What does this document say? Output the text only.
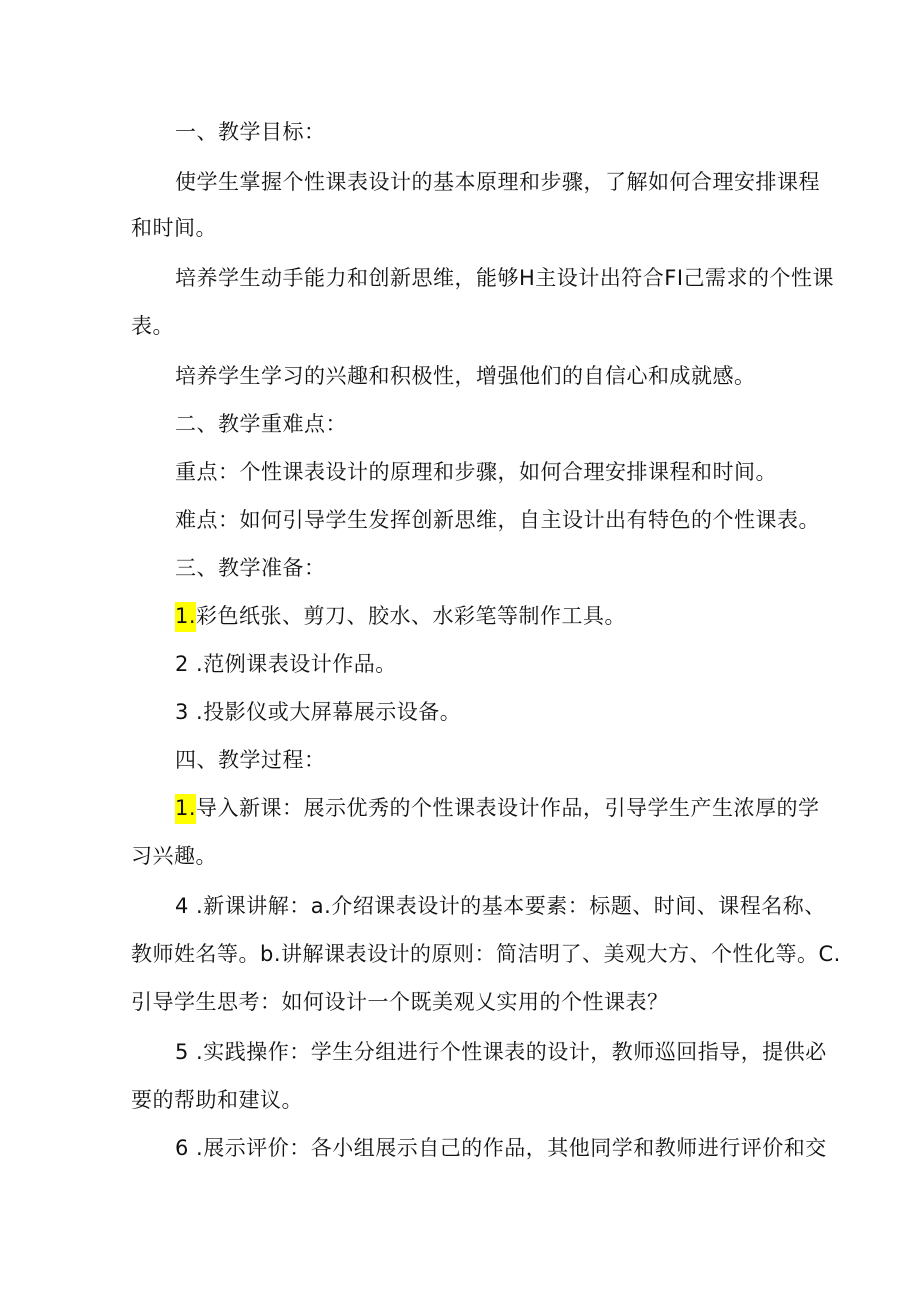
一、教学目标：
使学生掌握个性课表设计的基本原理和步骤，了解如何合理安排课程
和时间。
培养学生动手能力和创新思维，能够H主设计出符合FI己需求的个性课
表。
培养学生学习的兴趣和积极性，增强他们的自信心和成就感。
二、教学重难点：
重点：个性课表设计的原理和步骤，如何合理安排课程和时间。
难点：如何引导学生发挥创新思维，自主设计出有特色的个性课表。
三、教学准备：
1.彩色纸张、剪刀、胶水、水彩笔等制作工具。
2 .范例课表设计作品。
3 .投影仪或大屏幕展示设备。
四、教学过程：
1.导入新课：展示优秀的个性课表设计作品，引导学生产生浓厚的学
习兴趣。
4 .新课讲解：a.介绍课表设计的基本要素：标题、时间、课程名称、
教师姓名等。b.讲解课表设计的原则：简洁明了、美观大方、个性化等。C.
引导学生思考：如何设计一个既美观乂实用的个性课表？
5 .实践操作：学生分组进行个性课表的设计，教师巡回指导，提供必
要的帮助和建议。
6 .展示评价：各小组展示自己的作品，其他同学和教师进行评价和交
